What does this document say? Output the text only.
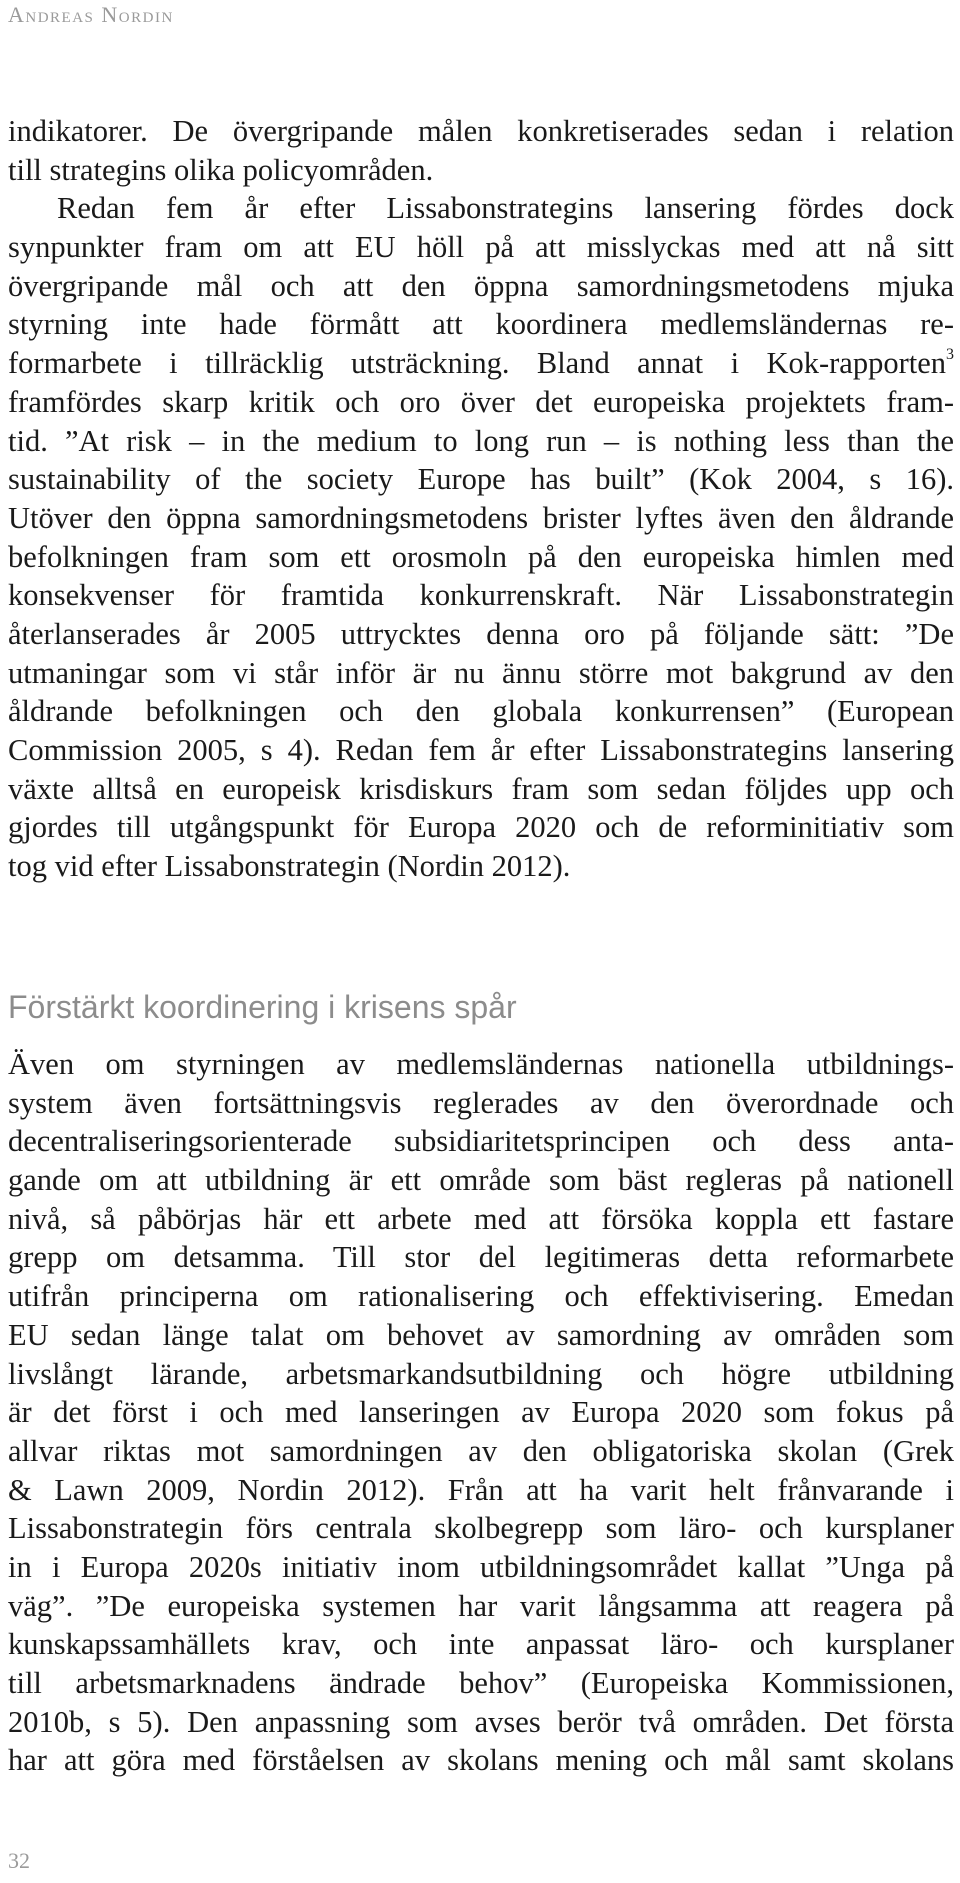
Andreas Nordin
indikatorer. De övergripande målen konkretiserades sedan i relation
till strategins olika policyområden.
Redan fem år efter Lissabonstrategins lansering fördes dock
synpunkter fram om att EU höll på att misslyckas med att nå sitt
övergripande mål och att den öppna samordningsmetodens mjuka
styrning inte hade förmått att koordinera medlemsländernas re-
formarbete i tillräcklig utsträckning. Bland annat i Kok-rapporten$^3$
framfördes skarp kritik och oro över det europeiska projektets fram-
tid. ”At risk – in the medium to long run – is nothing less than the
sustainability of the society Europe has built” (Kok 2004, s 16).
Utöver den öppna samordningsmetodens brister lyftes även den åldrande
befolkningen fram som ett orosmoln på den europeiska himlen med
konsekvenser för framtida konkurrenskraft. När Lissabonstrategin
återlanserades år 2005 uttrycktes denna oro på följande sätt: ”De
utmaningar som vi står inför är nu ännu större mot bakgrund av den
åldrande befolkningen och den globala konkurrensen” (European
Commission 2005, s 4). Redan fem år efter Lissabonstrategins lansering
växte alltså en europeisk krisdiskurs fram som sedan följdes upp och
gjordes till utgångspunkt för Europa 2020 och de reforminitiativ som
tog vid efter Lissabonstrategin (Nordin 2012).
Förstärkt koordinering i krisens spår
Även om styrningen av medlemsländernas nationella utbildnings-
system även fortsättningsvis reglerades av den överordnade och
decentraliseringsorienterade subsidiaritetsprincipen och dess anta-
gande om att utbildning är ett område som bäst regleras på nationell
nivå, så påbörjas här ett arbete med att försöka koppla ett fastare
grepp om detsamma. Till stor del legitimeras detta reformarbete
utifrån principerna om rationalisering och effektivisering. Emedan
EU sedan länge talat om behovet av samordning av områden som
livslångt lärande, arbetsmarkandsutbildning och högre utbildning
är det först i och med lanseringen av Europa 2020 som fokus på
allvar riktas mot samordningen av den obligatoriska skolan (Grek
& Lawn 2009, Nordin 2012). Från att ha varit helt frånvarande i
Lissabonstrategin förs centrala skolbegrepp som läro- och kursplaner
in i Europa 2020s initiativ inom utbildningsområdet kallat ”Unga på
väg”. ”De europeiska systemen har varit långsamma att reagera på
kunskapssamhällets krav, och inte anpassat läro- och kursplaner
till arbetsmarknadens ändrade behov” (Europeiska Kommissionen,
2010b, s 5). Den anpassning som avses berör två områden. Det första
har att göra med förståelsen av skolans mening och mål samt skolans
32
